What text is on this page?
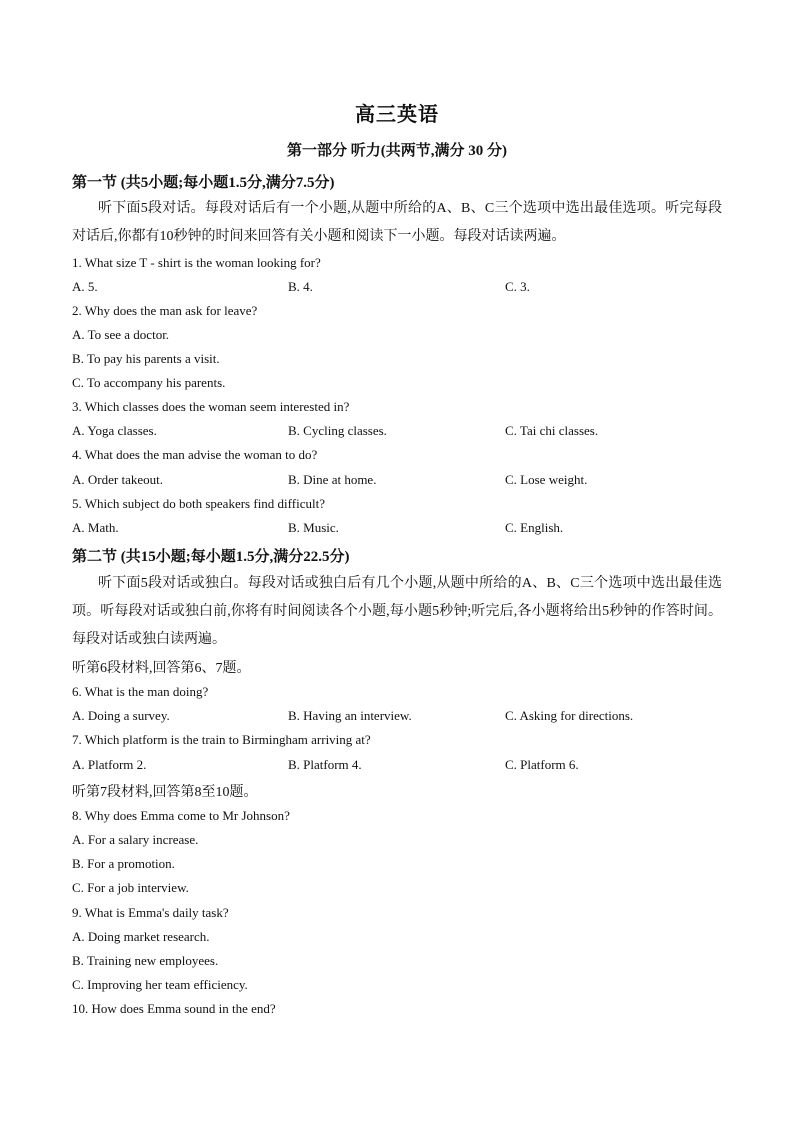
高三英语
第一部分 听力(共两节,满分 30 分)
第一节 (共5小题;每小题1.5分,满分7.5分)

听下面5段对话。每段对话后有一个小题,从题中所给的A、B、C三个选项中选出最佳选项。听完每段对话后,你都有10秒钟的时间来回答有关小题和阅读下一小题。每段对话读两遍。

1. What size T - shirt is the woman looking for?
A. 5.	B. 4.	C. 3.
2. Why does the man ask for leave?
A. To see a doctor.
B. To pay his parents a visit.
C. To accompany his parents.
3. Which classes does the woman seem interested in?
A. Yoga classes.	B. Cycling classes.	C. Tai chi classes.
4. What does the man advise the woman to do?
A. Order takeout.	B. Dine at home.	C. Lose weight.
5. Which subject do both speakers find difficult?
A. Math.	B. Music.	C. English.
第二节 (共15小题;每小题1.5分,满分22.5分)

听下面5段对话或独白。每段对话或独白后有几个小题,从题中所给的A、B、C三个选项中选出最佳选项。听每段对话或独白前,你将有时间阅读各个小题,每小题5秒钟;听完后,各小题将给出5秒钟的作答时间。每段对话或独白读两遍。

听第6段材料,回答第6、7题。
6. What is the man doing?
A. Doing a survey.	B. Having an interview.	C. Asking for directions.
7. Which platform is the train to Birmingham arriving at?
A. Platform 2.	B. Platform 4.	C. Platform 6.
听第7段材料,回答第8至10题。
8. Why does Emma come to Mr Johnson?
A. For a salary increase.
B. For a promotion.
C. For a job interview.
9. What is Emma's daily task?
A. Doing market research.
B. Training new employees.
C. Improving her team efficiency.
10. How does Emma sound in the end?
